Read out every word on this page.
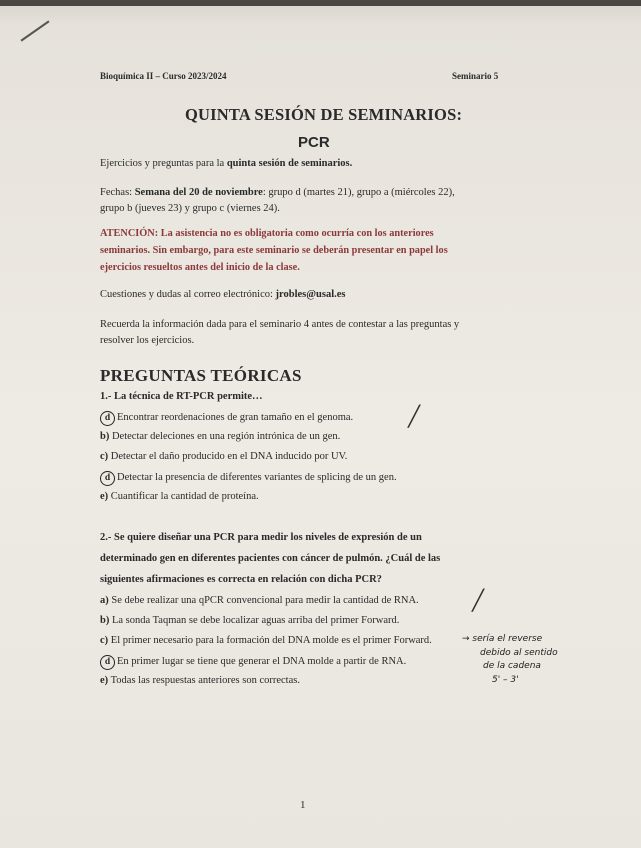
Bioquímica II – Curso 2023/2024	Seminario 5
QUINTA SESIÓN DE SEMINARIOS:
PCR
Ejercicios y preguntas para la quinta sesión de seminarios.
Fechas: Semana del 20 de noviembre: grupo d (martes 21), grupo a (miércoles 22),
grupo b (jueves 23) y grupo c (viernes 24).
ATENCIÓN: La asistencia no es obligatoria como ocurría con los anteriores
seminarios. Sin embargo, para este seminario se deberán presentar en papel los
ejercicios resueltos antes del inicio de la clase.
Cuestiones y dudas al correo electrónico: jrobles@usal.es
Recuerda la información dada para el seminario 4 antes de contestar a las preguntas y
resolver los ejercicios.
PREGUNTAS TEÓRICAS
1.- La técnica de RT-PCR permite…
d Encontrar reordenaciones de gran tamaño en el genoma.	╱
b) Detectar deleciones en una región intrónica de un gen.
c) Detectar el daño producido en el DNA inducido por UV.
d Detectar la presencia de diferentes variantes de splicing de un gen.
e) Cuantificar la cantidad de proteína.
2.- Se quiere diseñar una PCR para medir los niveles de expresión de un
determinado gen en diferentes pacientes con cáncer de pulmón. ¿Cuál de las
siguientes afirmaciones es correcta en relación con dicha PCR?
a) Se debe realizar una qPCR convencional para medir la cantidad de RNA.	╱
b) La sonda Taqman se debe localizar aguas arriba del primer Forward.
c) El primer necesario para la formación del DNA molde es el primer Forward.
d En primer lugar se tiene que generar el DNA molde a partir de RNA.
e) Todas las respuestas anteriores son correctas.
→ sería el reverse
debido al sentido
de la cadena
5' – 3'
1
